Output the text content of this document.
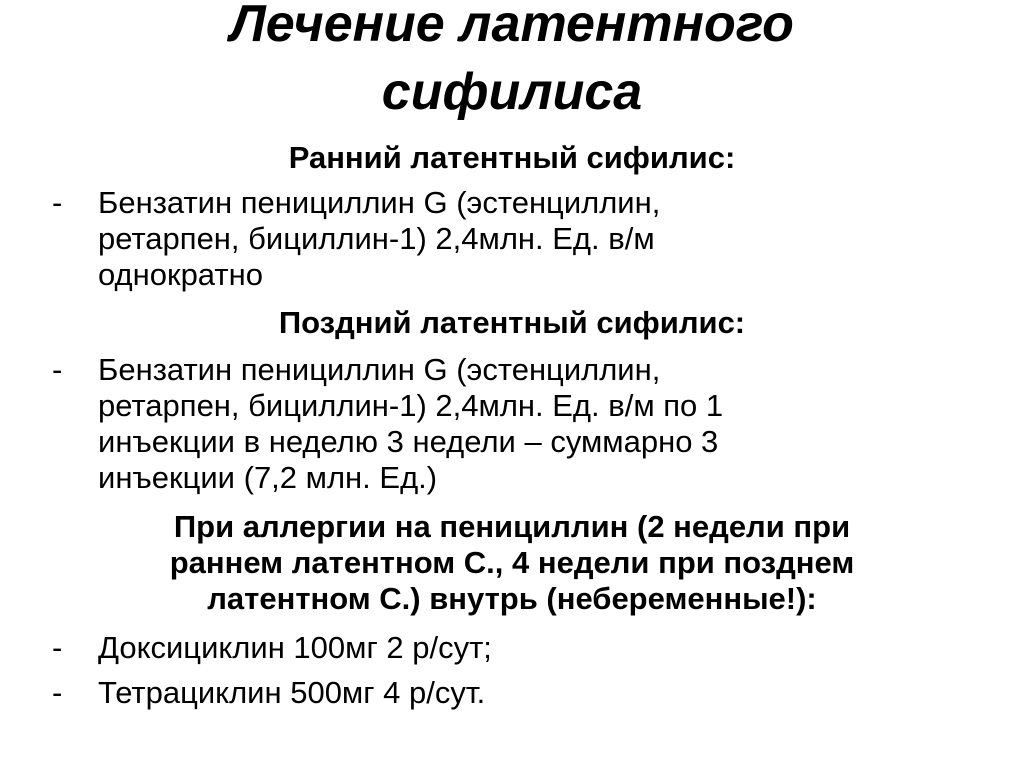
Лечение латентного
сифилиса
Ранний латентный сифилис:
- Бензатин пенициллин G (эстенциллин,
ретарпен, бициллин-1) 2,4млн. Ед. в/м
однократно
Поздний латентный сифилис:
- Бензатин пенициллин G (эстенциллин,
ретарпен, бициллин-1) 2,4млн. Ед. в/м по 1
инъекции в неделю 3 недели – суммарно 3
инъекции (7,2 млн. Ед.)
При аллергии на пенициллин (2 недели при
раннем латентном С., 4 недели при позднем
латентном С.) внутрь (небеременные!):
- Доксициклин 100мг 2 р/сут;
- Тетрациклин 500мг 4 р/сут.
